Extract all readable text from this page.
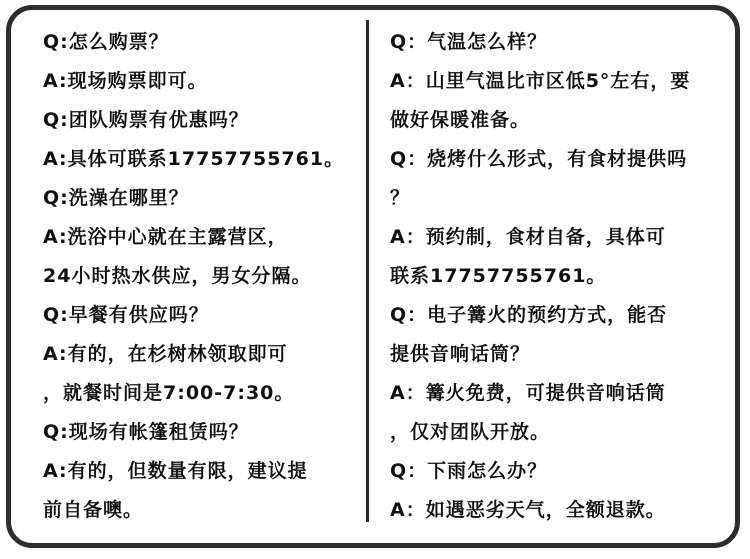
Q:怎么购票？
A:现场购票即可。
Q:团队购票有优惠吗？
A:具体可联系17757755761。
Q:洗澡在哪里？
A:洗浴中心就在主露营区，
24小时热水供应，男女分隔。
Q:早餐有供应吗？
A:有的，在杉树林领取即可
，就餐时间是7:00-7:30。
Q:现场有帐篷租赁吗？
A:有的，但数量有限，建议提
前自备噢。
Q：气温怎么样？
A：山里气温比市区低5°左右，要
做好保暖准备。
Q：烧烤什么形式，有食材提供吗
？
A：预约制，食材自备，具体可
联系17757755761。
Q：电子篝火的预约方式，能否
提供音响话筒？
A：篝火免费，可提供音响话筒
，仅对团队开放。
Q：下雨怎么办？
A：如遇恶劣天气，全额退款。
